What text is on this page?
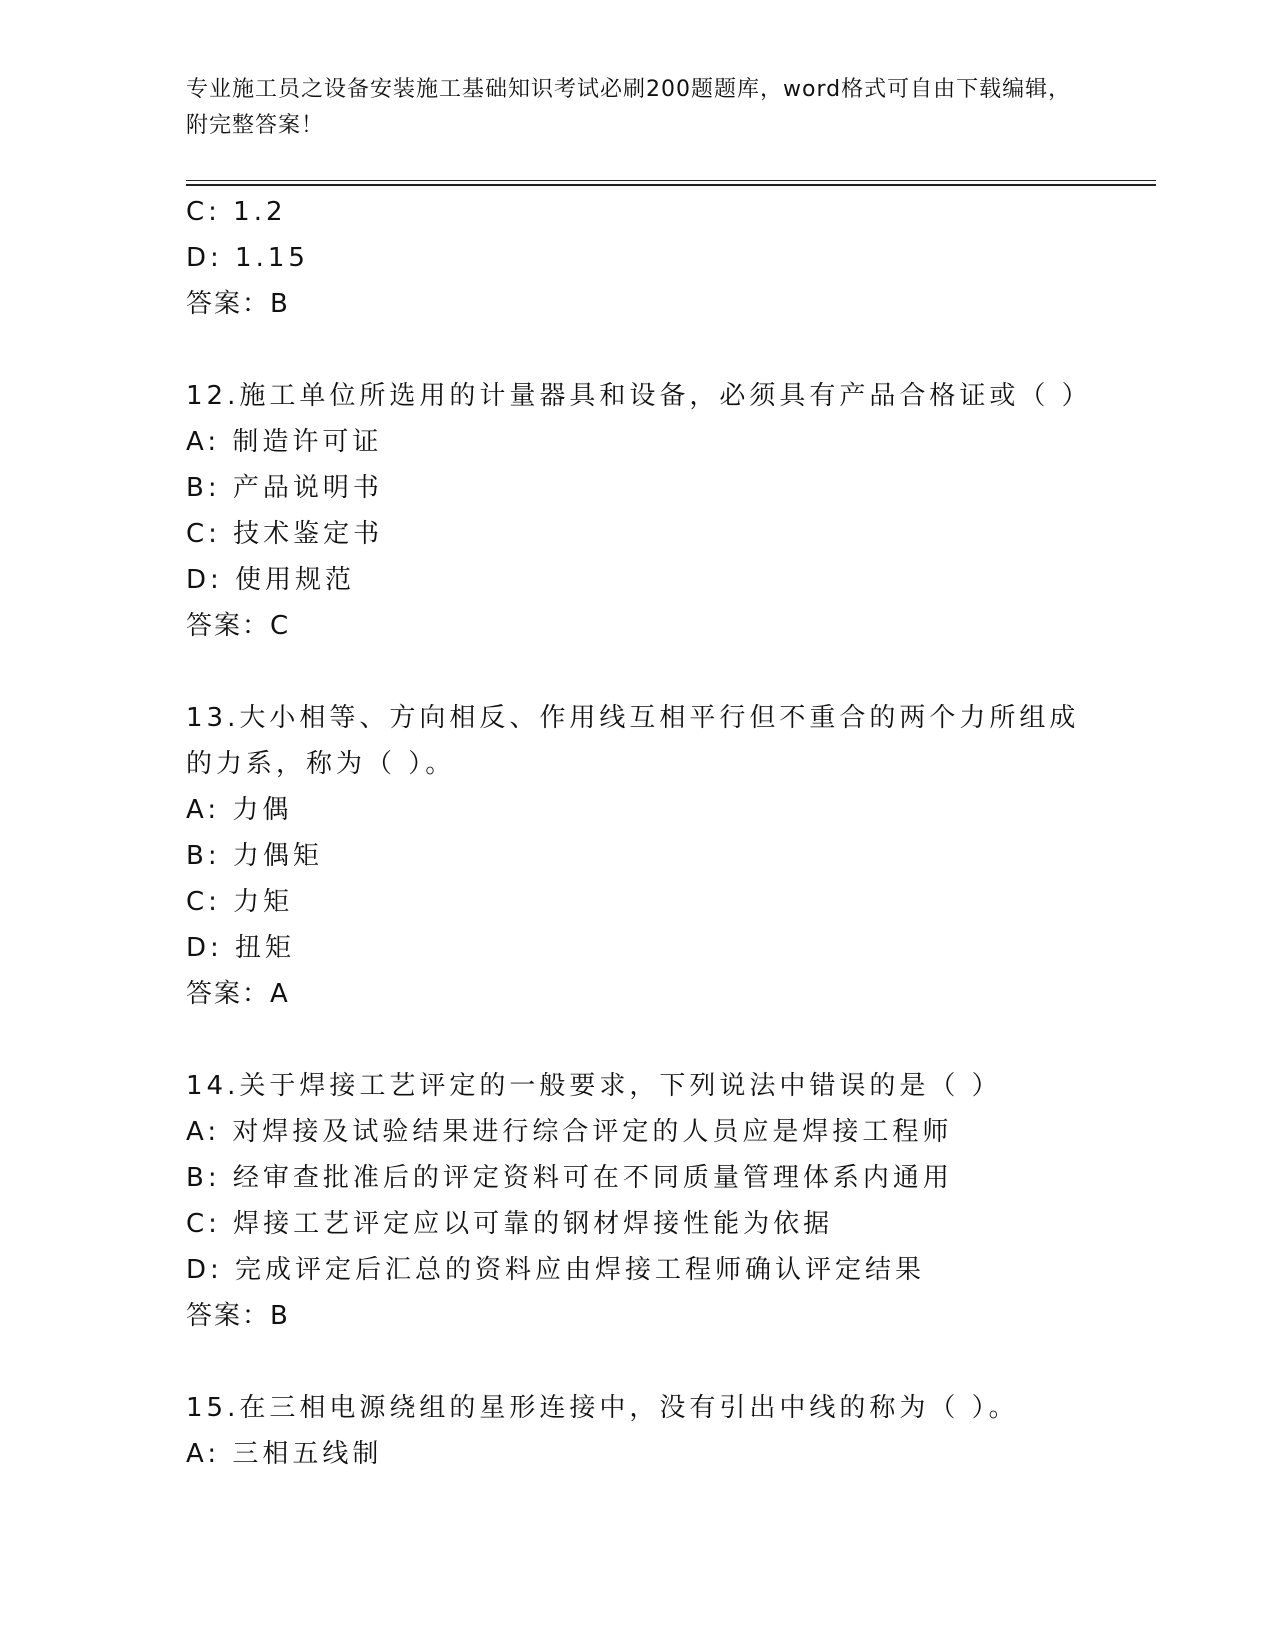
专业施工员之设备安装施工基础知识考试必刷200题题库，word格式可自由下载编辑，附完整答案！
C: 1.2
D: 1.15
答案：B
12.施工单位所选用的计量器具和设备，必须具有产品合格证或（ ）
A: 制造许可证
B: 产品说明书
C: 技术鉴定书
D: 使用规范
答案：C
13.大小相等、方向相反、作用线互相平行但不重合的两个力所组成的力系，称为（ ）。
A: 力偶
B: 力偶矩
C: 力矩
D: 扭矩
答案：A
14.关于焊接工艺评定的一般要求，下列说法中错误的是（ ）
A: 对焊接及试验结果进行综合评定的人员应是焊接工程师
B: 经审查批准后的评定资料可在不同质量管理体系内通用
C: 焊接工艺评定应以可靠的钢材焊接性能为依据
D: 完成评定后汇总的资料应由焊接工程师确认评定结果
答案：B
15.在三相电源绕组的星形连接中，没有引出中线的称为（ ）。
A: 三相五线制
